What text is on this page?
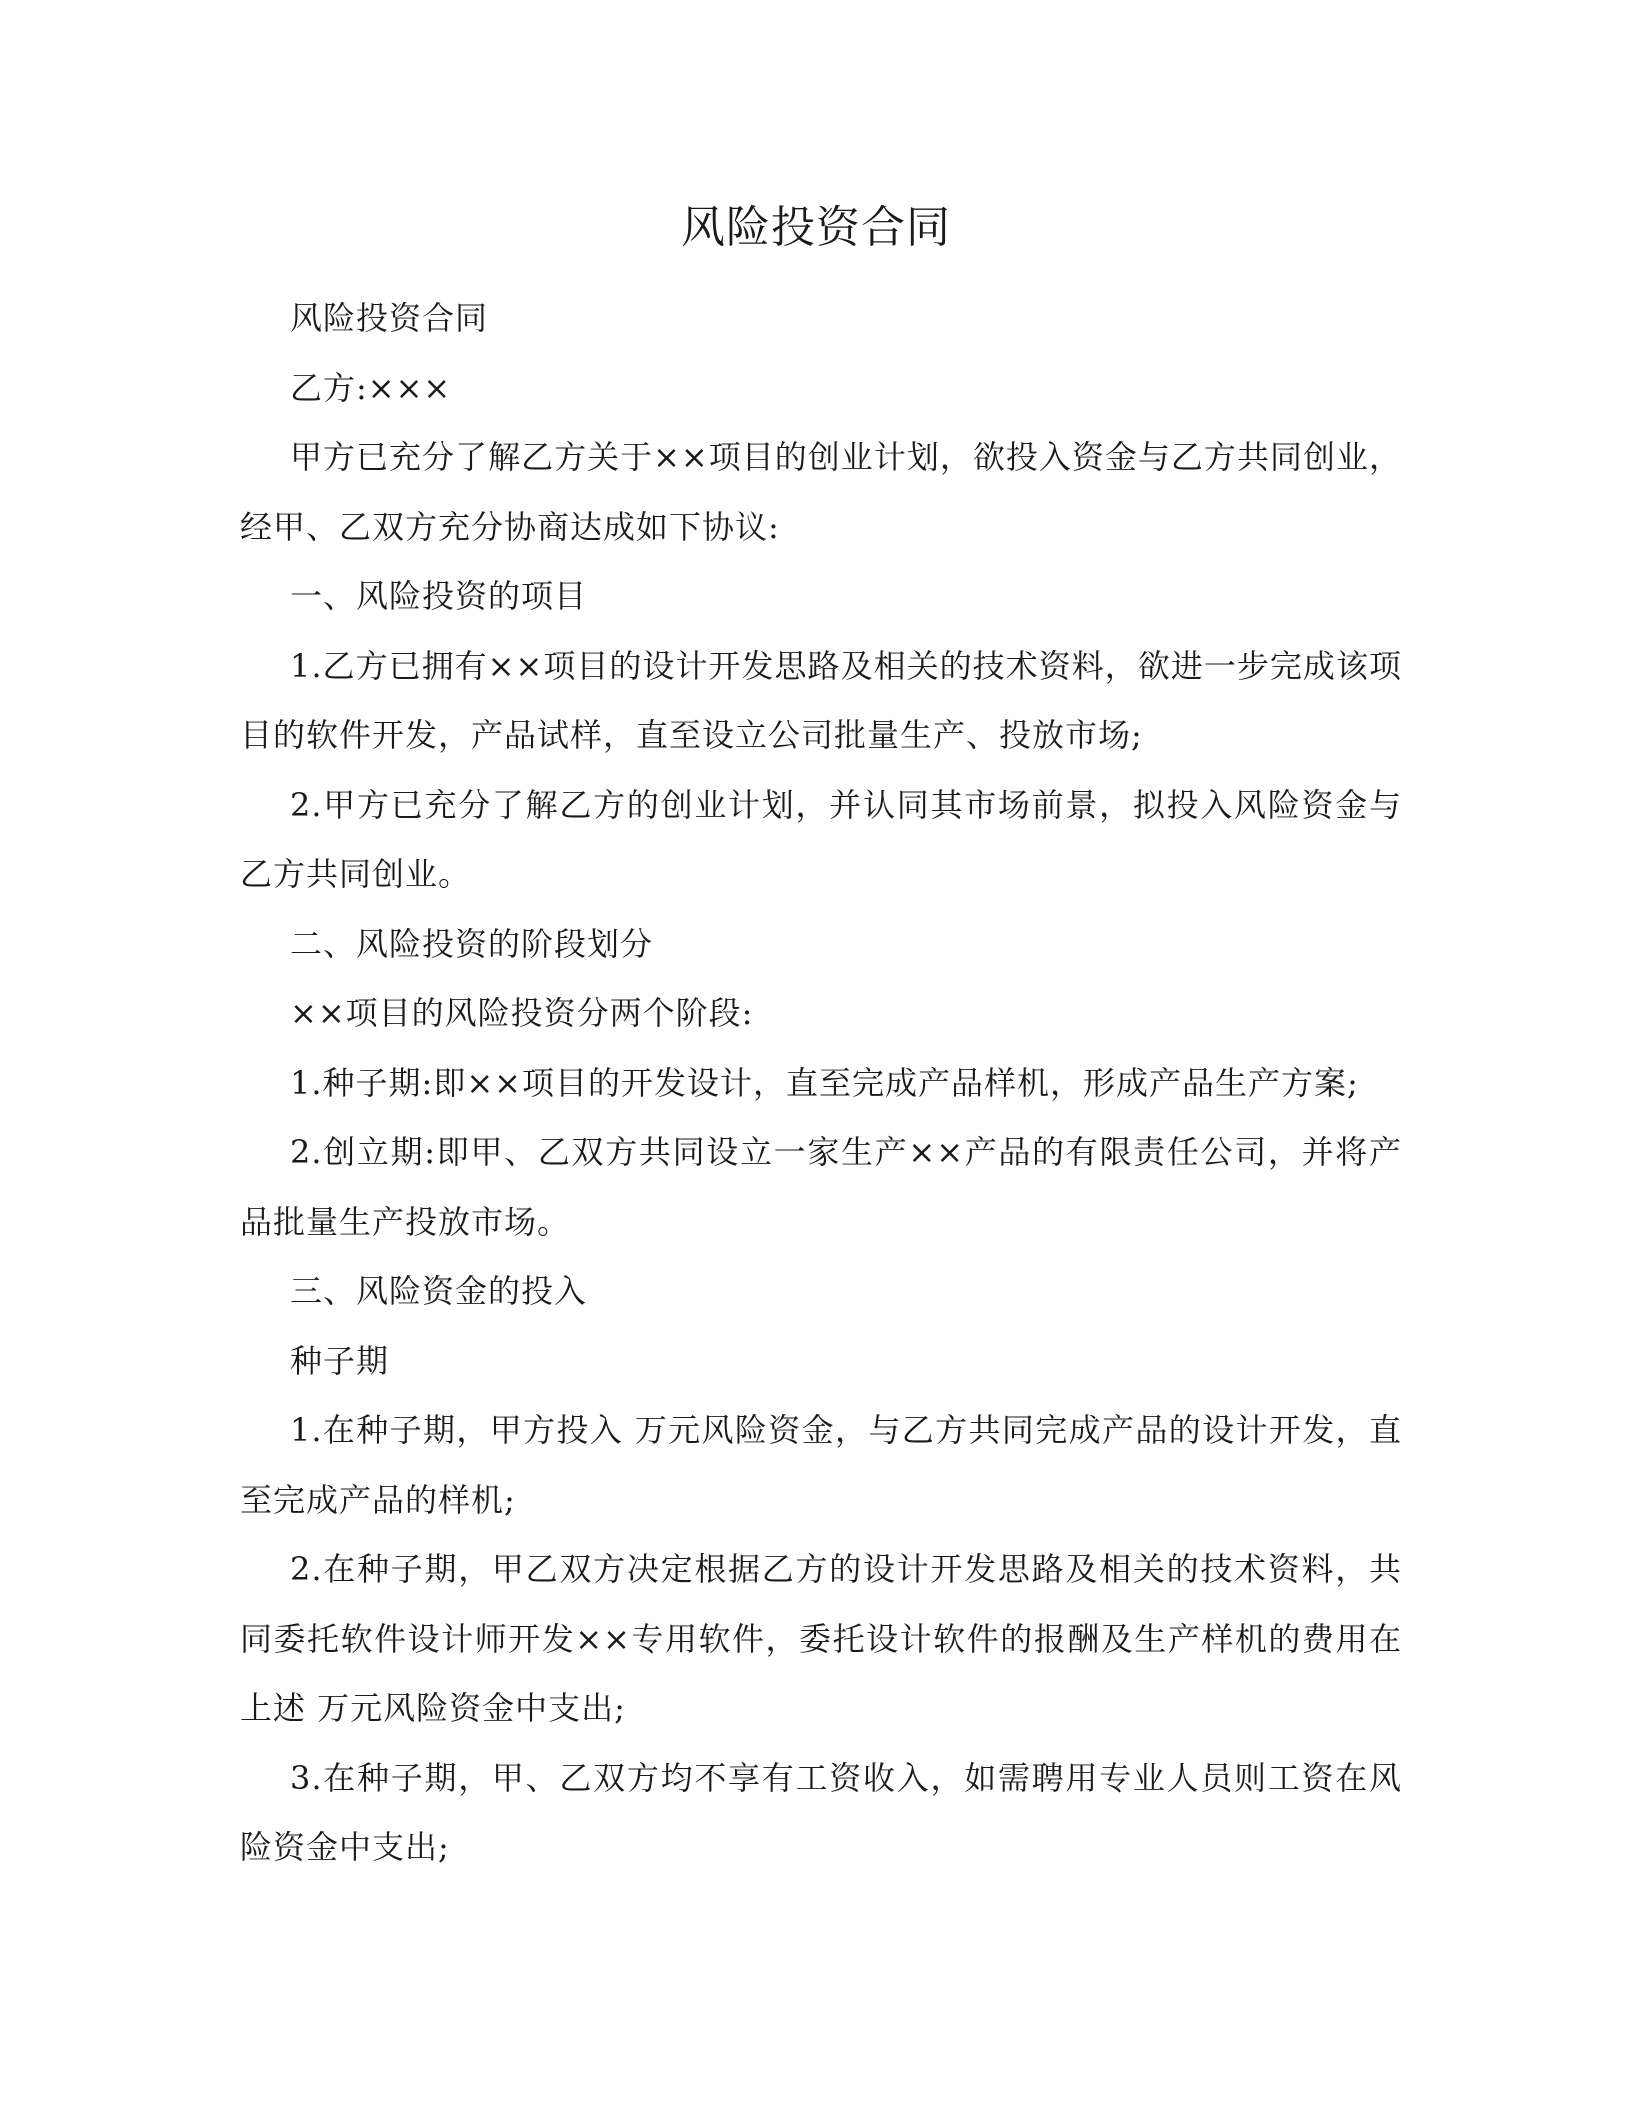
风险投资合同

风险投资合同

乙方:×××

甲方已充分了解乙方关于××项目的创业计划，欲投入资金与乙方共同创业，经甲、乙双方充分协商达成如下协议:

一、风险投资的项目

1.乙方已拥有××项目的设计开发思路及相关的技术资料，欲进一步完成该项目的软件开发，产品试样，直至设立公司批量生产、投放市场;

2.甲方已充分了解乙方的创业计划，并认同其市场前景，拟投入风险资金与乙方共同创业。

二、风险投资的阶段划分

××项目的风险投资分两个阶段:

1.种子期:即××项目的开发设计，直至完成产品样机，形成产品生产方案;

2.创立期:即甲、乙双方共同设立一家生产××产品的有限责任公司，并将产品批量生产投放市场。

三、风险资金的投入

种子期

1.在种子期，甲方投入 万元风险资金，与乙方共同完成产品的设计开发，直至完成产品的样机;

2.在种子期，甲乙双方决定根据乙方的设计开发思路及相关的技术资料，共同委托软件设计师开发××专用软件，委托设计软件的报酬及生产样机的费用在上述 万元风险资金中支出;

3.在种子期，甲、乙双方均不享有工资收入，如需聘用专业人员则工资在风险资金中支出;
